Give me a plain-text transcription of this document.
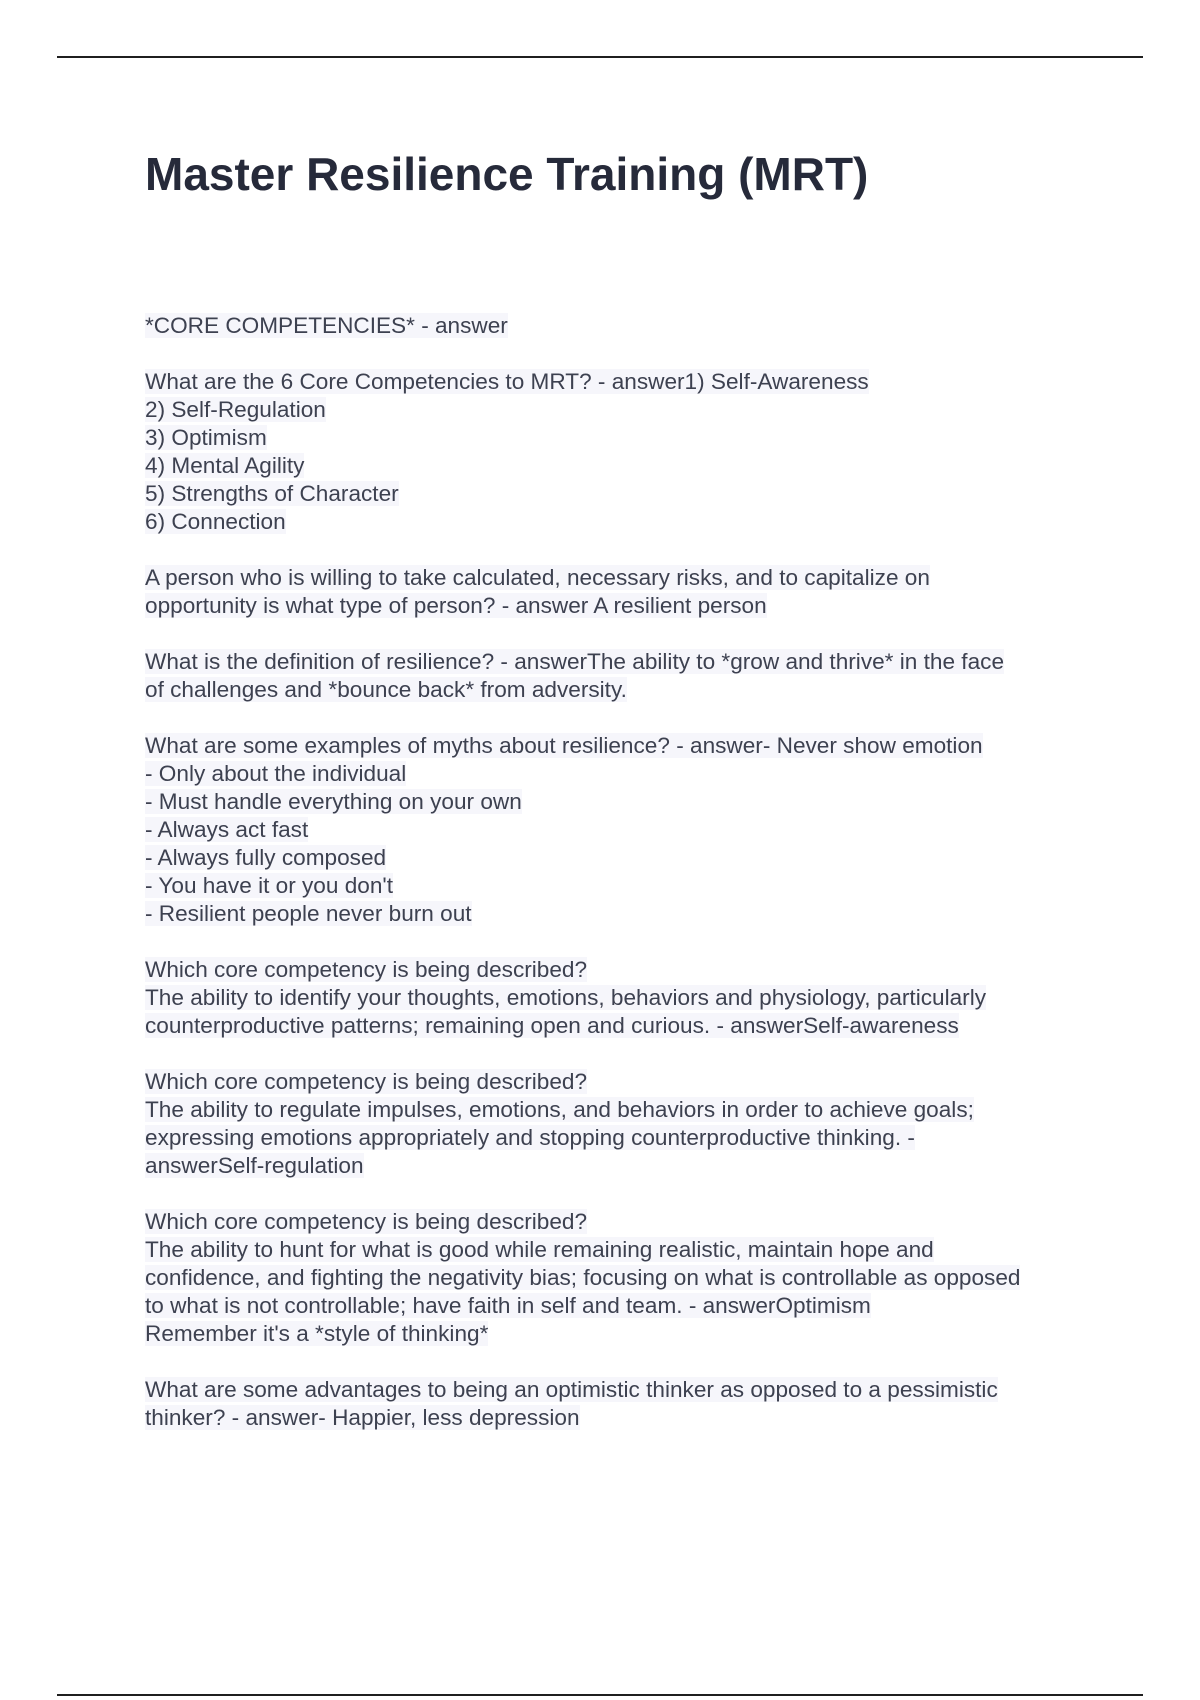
Master Resilience Training (MRT)
*CORE COMPETENCIES* - answer
What are the 6 Core Competencies to MRT? - answer1) Self-Awareness
2) Self-Regulation
3) Optimism
4) Mental Agility
5) Strengths of Character
6) Connection
A person who is willing to take calculated, necessary risks, and to capitalize on
opportunity is what type of person? - answer A resilient person
What is the definition of resilience? - answerThe ability to *grow and thrive* in the face
of challenges and *bounce back* from adversity.
What are some examples of myths about resilience? - answer- Never show emotion
- Only about the individual
- Must handle everything on your own
- Always act fast
- Always fully composed
- You have it or you don't
- Resilient people never burn out
Which core competency is being described?
The ability to identify your thoughts, emotions, behaviors and physiology, particularly
counterproductive patterns; remaining open and curious. - answerSelf-awareness
Which core competency is being described?
The ability to regulate impulses, emotions, and behaviors in order to achieve goals;
expressing emotions appropriately and stopping counterproductive thinking. -
answerSelf-regulation
Which core competency is being described?
The ability to hunt for what is good while remaining realistic, maintain hope and
confidence, and fighting the negativity bias; focusing on what is controllable as opposed
to what is not controllable; have faith in self and team. - answerOptimism
Remember it's a *style of thinking*
What are some advantages to being an optimistic thinker as opposed to a pessimistic
thinker? - answer- Happier, less depression
